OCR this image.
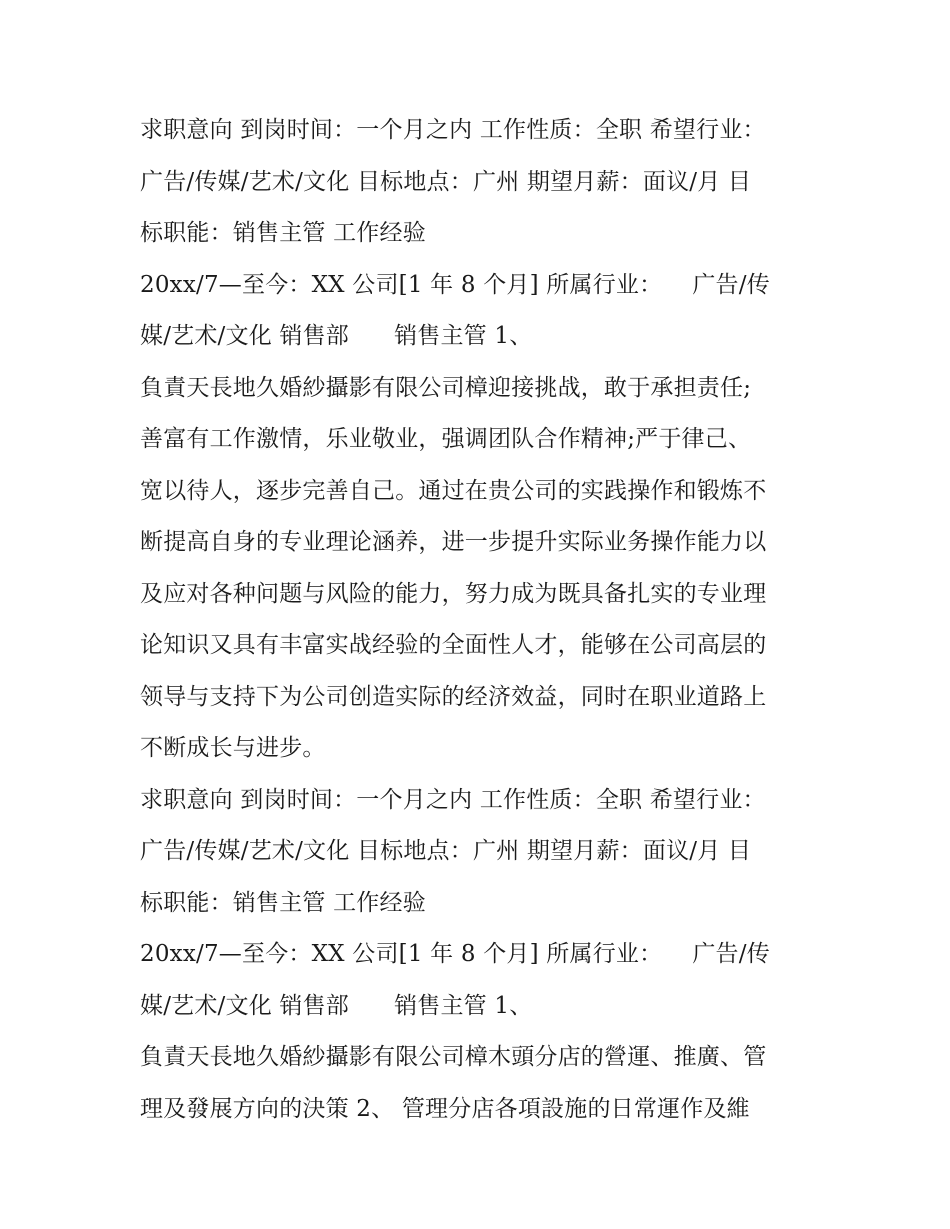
求职意向 到岗时间：一个月之内 工作性质：全职 希望行业：
广告/传媒/艺术/文化 目标地点：广州 期望月薪：面议/月 目
标职能：销售主管 工作经验
20xx/7—至今：XX 公司[1 年 8 个月] 所属行业：    广告/传
媒/艺术/文化 销售部      销售主管 1、
負責天長地久婚紗攝影有限公司樟迎接挑战，敢于承担责任;
善富有工作激情，乐业敬业，强调团队合作精神;严于律己、
宽以待人，逐步完善自己。通过在贵公司的实践操作和锻炼不
断提高自身的专业理论涵养，进一步提升实际业务操作能力以
及应对各种问题与风险的能力，努力成为既具备扎实的专业理
论知识又具有丰富实战经验的全面性人才，能够在公司高层的
领导与支持下为公司创造实际的经济效益，同时在职业道路上
不断成长与进步。
求职意向 到岗时间：一个月之内 工作性质：全职 希望行业：
广告/传媒/艺术/文化 目标地点：广州 期望月薪：面议/月 目
标职能：销售主管 工作经验
20xx/7—至今：XX 公司[1 年 8 个月] 所属行业：    广告/传
媒/艺术/文化 销售部      销售主管 1、
負責天長地久婚紗攝影有限公司樟木頭分店的營運、推廣、管
理及發展方向的決策 2、 管理分店各項設施的日常運作及維
